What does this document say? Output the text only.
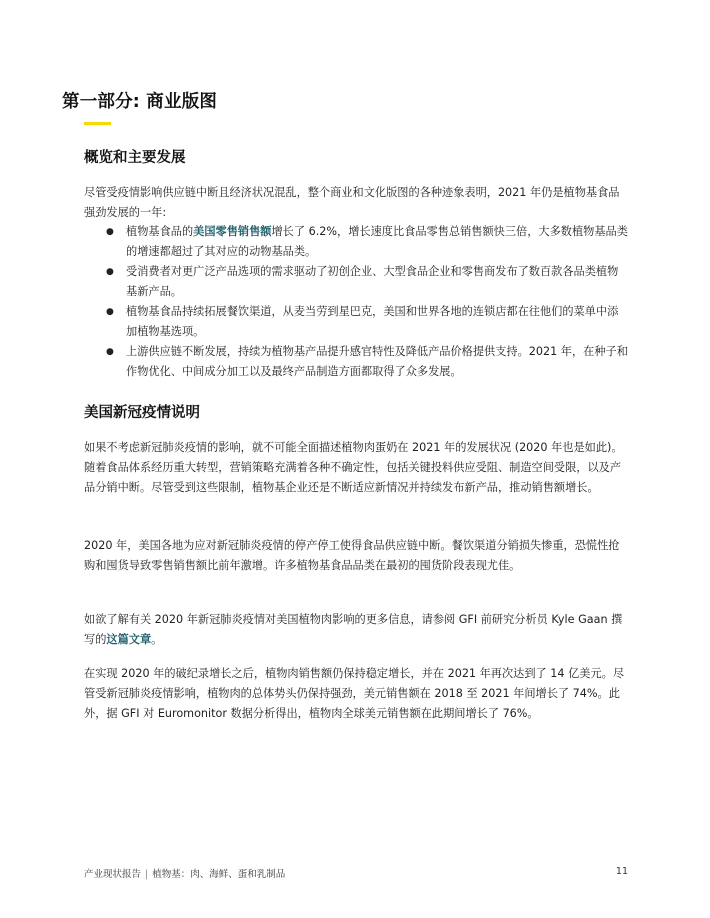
第一部分: 商业版图
概览和主要发展

尽管受疫情影响供应链中断且经济状况混乱，整个商业和文化版图的各种迹象表明，2021 年仍是植物基食品强劲发展的一年:

● 植物基食品的美国零售销售额增长了 6.2%，增长速度比食品零售总销售额快三倍，大多数植物基品类的增速都超过了其对应的动物基品类。
● 受消费者对更广泛产品选项的需求驱动了初创企业、大型食品企业和零售商发布了数百款各品类植物基新产品。
● 植物基食品持续拓展餐饮渠道，从麦当劳到星巴克，美国和世界各地的连锁店都在往他们的菜单中添加植物基选项。
● 上游供应链不断发展，持续为植物基产品提升感官特性及降低产品价格提供支持。2021 年，在种子和作物优化、中间成分加工以及最终产品制造方面都取得了众多发展。
美国新冠疫情说明

如果不考虑新冠肺炎疫情的影响，就不可能全面描述植物肉蛋奶在 2021 年的发展状况 (2020 年也是如此)。随着食品体系经历重大转型，营销策略充满着各种不确定性，包括关键投料供应受阻、制造空间受限，以及产品分销中断。尽管受到这些限制，植物基企业还是不断适应新情况并持续发布新产品，推动销售额增长。

2020 年，美国各地为应对新冠肺炎疫情的停产停工使得食品供应链中断。餐饮渠道分销损失惨重，恐慌性抢购和囤货导致零售销售额比前年激增。许多植物基食品品类在最初的囤货阶段表现尤佳。

如欲了解有关 2020 年新冠肺炎疫情对美国植物肉影响的更多信息，请参阅 GFI 前研究分析员 Kyle Gaan 撰写的这篇文章。

在实现 2020 年的破纪录增长之后，植物肉销售额仍保持稳定增长，并在 2021 年再次达到了 14 亿美元。尽管受新冠肺炎疫情影响，植物肉的总体势头仍保持强劲，美元销售额在 2018 至 2021 年间增长了 74%。此外，据 GFI 对 Euromonitor 数据分析得出，植物肉全球美元销售额在此期间增长了 76%。

产业现状报告 | 植物基：肉、海鲜、蛋和乳制品	11
